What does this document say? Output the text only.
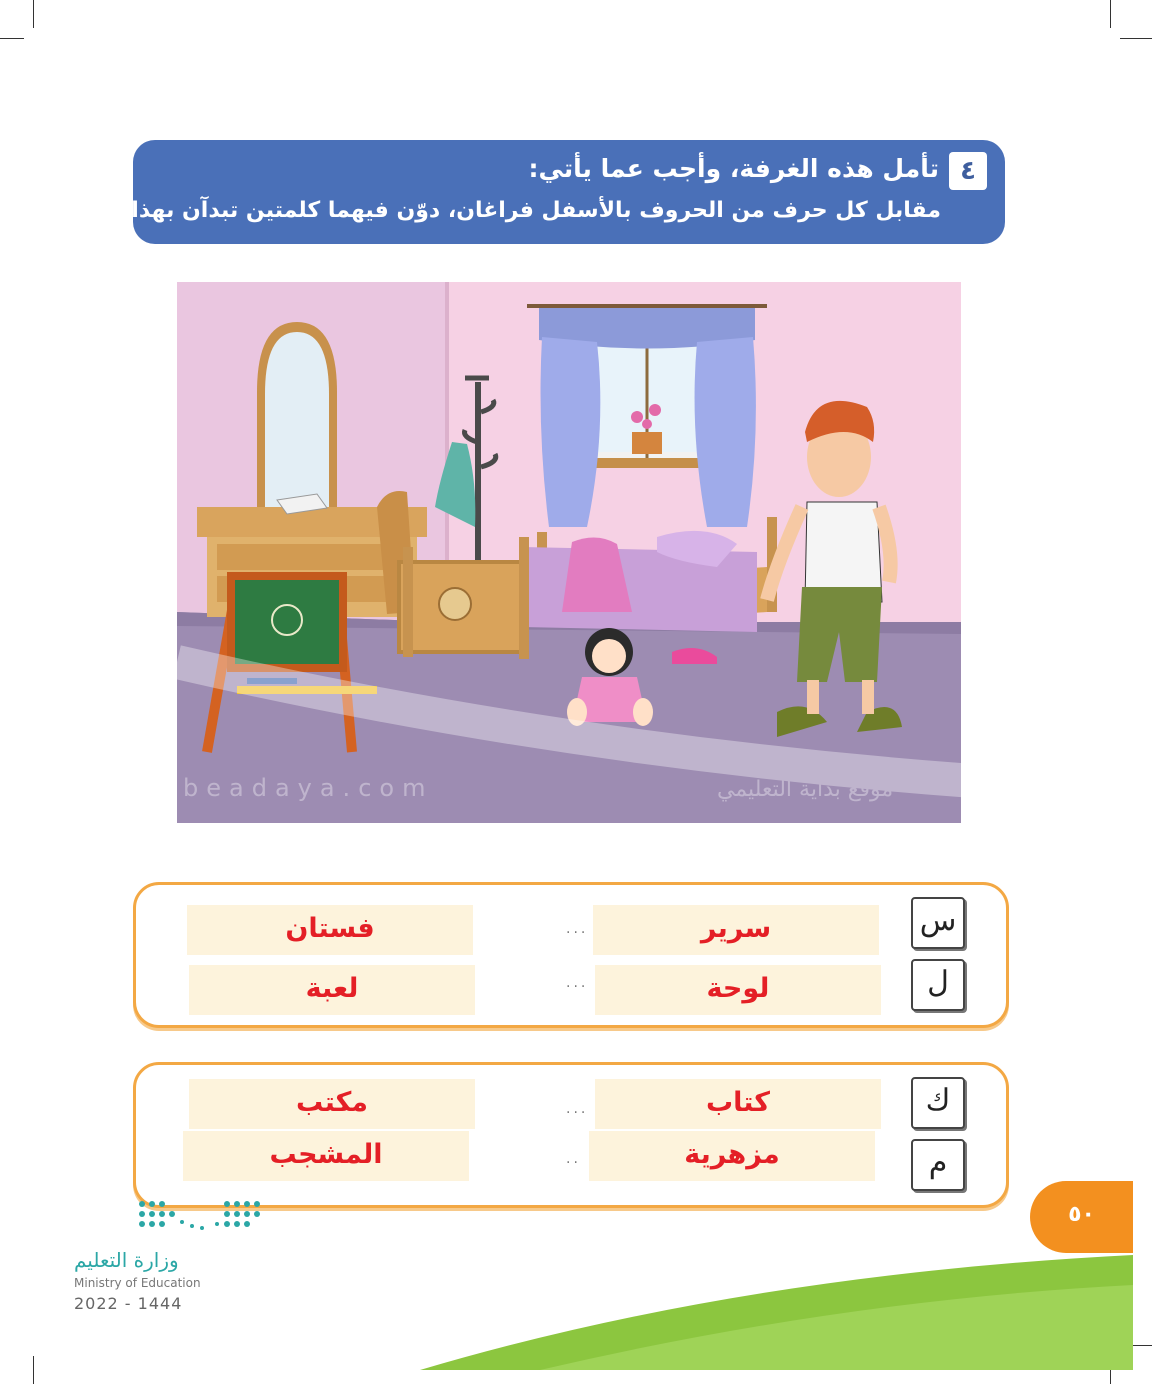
٤
تأمل هذه الغرفة، وأجب عما يأتي:
مقابل كل حرف من الحروف بالأسفل فراغان، دوّن فيهما كلمتين تبدآن بهذا الحرف.
beadaya.com	موقع بداية التعليمي
س
سرير
...
فستان
ل
لوحة
...
لعبة
ك
كتاب
...
مكتب
م
مزهرية
..
المشجب
٥٠
وزارة التعليم
Ministry of Education
2022 - 1444
